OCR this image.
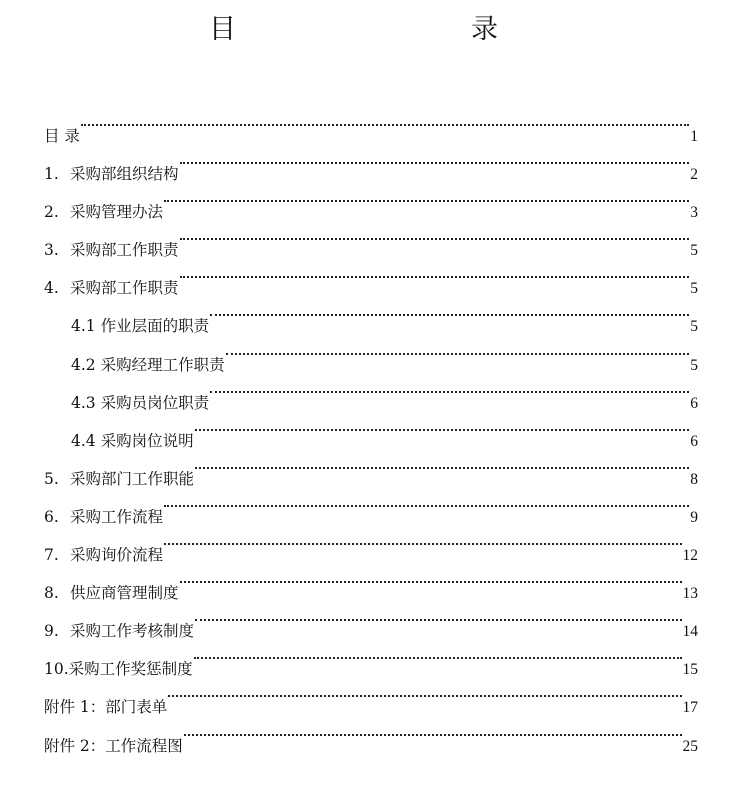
目	录
目 录	1
1. 采购部组织结构	2
2. 采购管理办法	3
3. 采购部工作职责	5
4. 采购部工作职责	5
4.1 作业层面的职责	5
4.2 采购经理工作职责	5
4.3 采购员岗位职责	6
4.4 采购岗位说明	6
5. 采购部门工作职能	8
6. 采购工作流程	9
7. 采购询价流程	12
8. 供应商管理制度	13
9. 采购工作考核制度	14
10. 采购工作奖惩制度	15
附件 1：部门表单	17
附件 2：工作流程图	25
